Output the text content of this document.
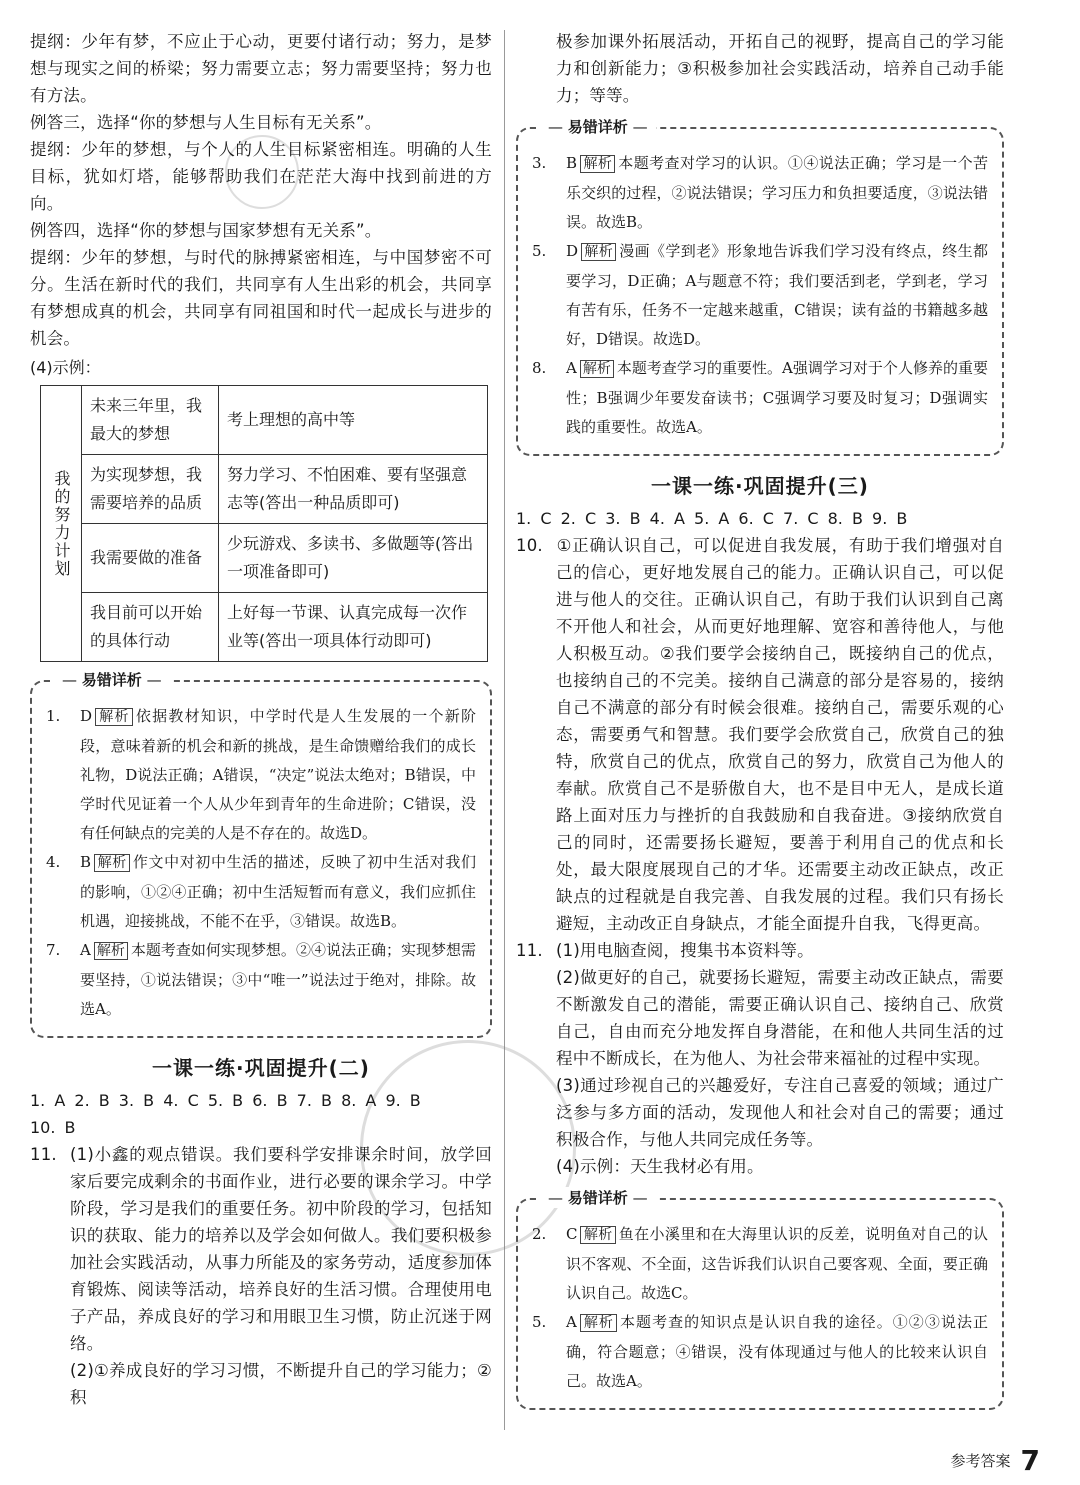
提纲：少年有梦，不应止于心动，更要付诸行动；努力，是梦想与现实之间的桥梁；努力需要立志；努力需要坚持；努力也有方法。

例答三，选择“你的梦想与人生目标有无关系”。

提纲：少年的梦想，与个人的人生目标紧密相连。明确的人生目标，犹如灯塔，能够帮助我们在茫茫大海中找到前进的方向。

例答四，选择“你的梦想与国家梦想有无关系”。

提纲：少年的梦想，与时代的脉搏紧密相连，与中国梦密不可分。生活在新时代的我们，共同享有人生出彩的机会，共同享有梦想成真的机会，共同享有同祖国和时代一起成长与进步的机会。

(4)示例：

我的努力计划	未来三年里，我最大的梦想	考上理想的高中等
	为实现梦想，我需要培养的品质	努力学习、不怕困难、要有坚强意志等(答出一种品质即可)
	我需要做的准备	少玩游戏、多读书、多做题等(答出一项准备即可)
	我目前可以开始的具体行动	上好每一节课、认真完成每一次作业等(答出一项具体行动即可)
— 易错详析 —

1. D 解析 依据教材知识，中学时代是人生发展的一个新阶段，意味着新的机会和新的挑战，是生命馈赠给我们的成长礼物，D说法正确；A错误，“决定”说法太绝对；B错误，中学时代见证着一个人从少年到青年的生命进阶；C错误，没有任何缺点的完美的人是不存在的。故选D。

4. B 解析 作文中对初中生活的描述，反映了初中生活对我们的影响，①②④正确；初中生活短暂而有意义，我们应抓住机遇，迎接挑战，不能不在乎，③错误。故选B。

7. A 解析 本题考查如何实现梦想。②④说法正确；实现梦想需要坚持，①说法错误；③中“唯一”说法过于绝对，排除。故选A。

一课一练·巩固提升(二)

1. A 2. B 3. B 4. C 5. B 6. B 7. B 8. A 9. B

10. B

11. (1)小鑫的观点错误。我们要科学安排课余时间，放学回家后要完成剩余的书面作业，进行必要的课余学习。中学阶段，学习是我们的重要任务。初中阶段的学习，包括知识的获取、能力的培养以及学会如何做人。我们要积极参加社会实践活动，从事力所能及的家务劳动，适度参加体育锻炼、阅读等活动，培养良好的生活习惯。合理使用电子产品，养成良好的学习和用眼卫生习惯，防止沉迷于网络。

(2)①养成良好的学习习惯，不断提升自己的学习能力；②积

极参加课外拓展活动，开拓自己的视野，提高自己的学习能力和创新能力；③积极参加社会实践活动，培养自己动手能力；等等。

— 易错详析 —

3. B 解析 本题考查对学习的认识。①④说法正确；学习是一个苦乐交织的过程，②说法错误；学习压力和负担要适度，③说法错误。故选B。

5. D 解析 漫画《学到老》形象地告诉我们学习没有终点，终生都要学习，D正确；A与题意不符；我们要活到老，学到老，学习有苦有乐，任务不一定越来越重，C错误；读有益的书籍越多越好，D错误。故选D。

8. A 解析 本题考查学习的重要性。A强调学习对于个人修养的重要性；B强调少年要发奋读书；C强调学习要及时复习；D强调实践的重要性。故选A。

一课一练·巩固提升(三)

1. C 2. C 3. B 4. A 5. A 6. C 7. C 8. B 9. B

10. ①正确认识自己，可以促进自我发展，有助于我们增强对自己的信心，更好地发展自己的能力。正确认识自己，可以促进与他人的交往。正确认识自己，有助于我们认识到自己离不开他人和社会，从而更好地理解、宽容和善待他人，与他人积极互动。②我们要学会接纳自己，既接纳自己的优点，也接纳自己的不完美。接纳自己满意的部分是容易的，接纳自己不满意的部分有时候会很难。接纳自己，需要乐观的心态，需要勇气和智慧。我们要学会欣赏自己，欣赏自己的独特，欣赏自己的优点，欣赏自己的努力，欣赏自己为他人的奉献。欣赏自己不是骄傲自大，也不是目中无人，是成长道路上面对压力与挫折的自我鼓励和自我奋进。③接纳欣赏自己的同时，还需要扬长避短，要善于利用自己的优点和长处，最大限度展现自己的才华。还需要主动改正缺点，改正缺点的过程就是自我完善、自我发展的过程。我们只有扬长避短，主动改正自身缺点，才能全面提升自我，飞得更高。

11. (1)用电脑查阅，搜集书本资料等。

(2)做更好的自己，就要扬长避短，需要主动改正缺点，需要不断激发自己的潜能，需要正确认识自己、接纳自己、欣赏自己，自由而充分地发挥自身潜能，在和他人共同生活的过程中不断成长，在为他人、为社会带来福祉的过程中实现。

(3)通过珍视自己的兴趣爱好，专注自己喜爱的领域；通过广泛参与多方面的活动，发现他人和社会对自己的需要；通过积极合作，与他人共同完成任务等。

(4)示例：天生我材必有用。

— 易错详析 —

2. C 解析 鱼在小溪里和在大海里认识的反差，说明鱼对自己的认识不客观、不全面，这告诉我们认识自己要客观、全面，要正确认识自己。故选C。

5. A 解析 本题考查的知识点是认识自我的途径。①②③说法正确，符合题意；④错误，没有体现通过与他人的比较来认识自己。故选A。

参考答案 7
